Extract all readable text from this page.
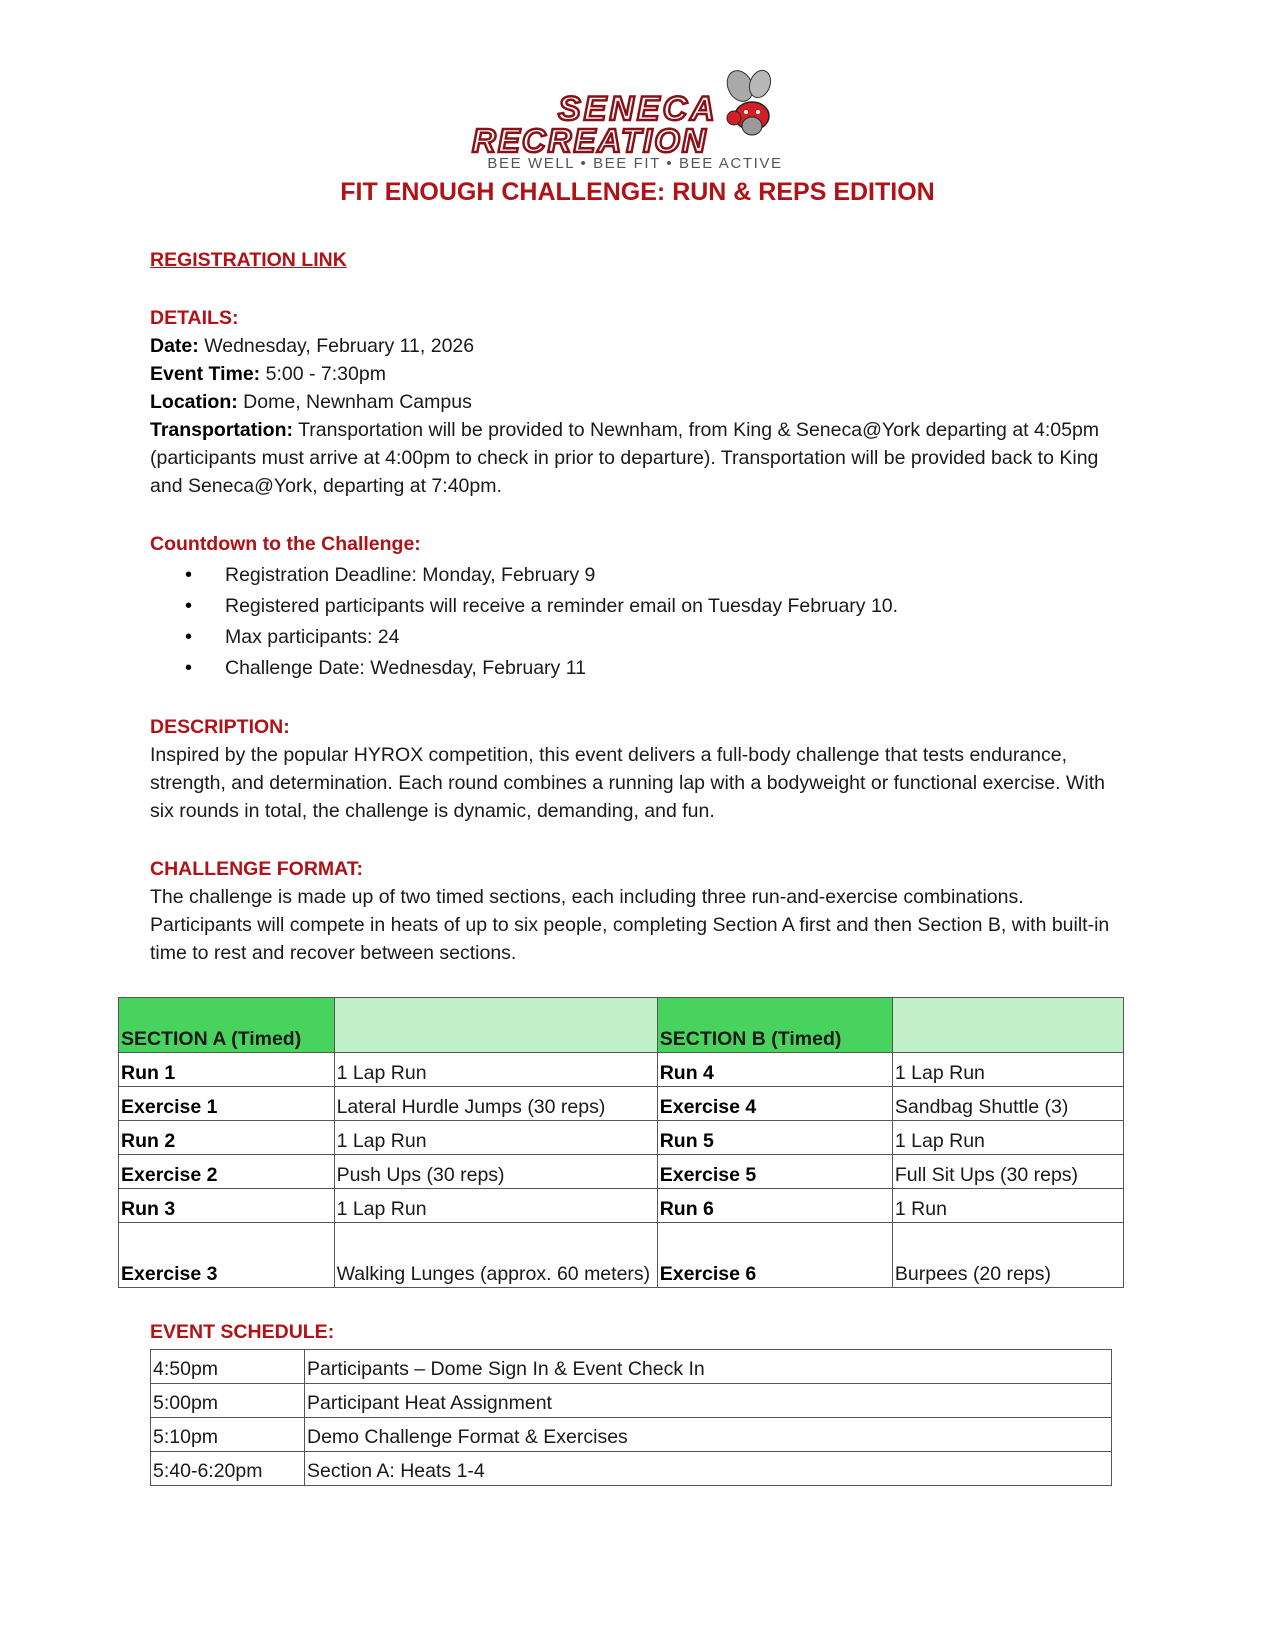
SENECA
RECREATION
BEE WELL • BEE FIT • BEE ACTIVE
FIT ENOUGH CHALLENGE: RUN & REPS EDITION
REGISTRATION LINK
DETAILS:

Date: Wednesday, February 11, 2026

Event Time: 5:00 - 7:30pm

Location: Dome, Newnham Campus

Transportation: Transportation will be provided to Newnham, from King & Seneca@York departing at 4:05pm (participants must arrive at 4:00pm to check in prior to departure). Transportation will be provided back to King and Seneca@York, departing at 7:40pm.

Countdown to the Challenge:
• Registration Deadline: Monday, February 9
• Registered participants will receive a reminder email on Tuesday February 10.
• Max participants: 24
• Challenge Date: Wednesday, February 11
DESCRIPTION:

Inspired by the popular HYROX competition, this event delivers a full-body challenge that tests endurance, strength, and determination. Each round combines a running lap with a bodyweight or functional exercise. With six rounds in total, the challenge is dynamic, demanding, and fun.

CHALLENGE FORMAT:

The challenge is made up of two timed sections, each including three run-and-exercise combinations. Participants will compete in heats of up to six people, completing Section A first and then Section B, with built-in time to rest and recover between sections.

SECTION A (Timed)		SECTION B (Timed)	
Run 1	1 Lap Run	Run 4	1 Lap Run
Exercise 1	Lateral Hurdle Jumps (30 reps)	Exercise 4	Sandbag Shuttle (3)
Run 2	1 Lap Run	Run 5	1 Lap Run
Exercise 2	Push Ups (30 reps)	Exercise 5	Full Sit Ups (30 reps)
Run 3	1 Lap Run	Run 6	1 Run
Exercise 3	Walking Lunges (approx. 60 meters)	Exercise 6	Burpees (20 reps)
EVENT SCHEDULE:
4:50pm	Participants – Dome Sign In & Event Check In
5:00pm	Participant Heat Assignment
5:10pm	Demo Challenge Format & Exercises
5:40-6:20pm	Section A: Heats 1-4
